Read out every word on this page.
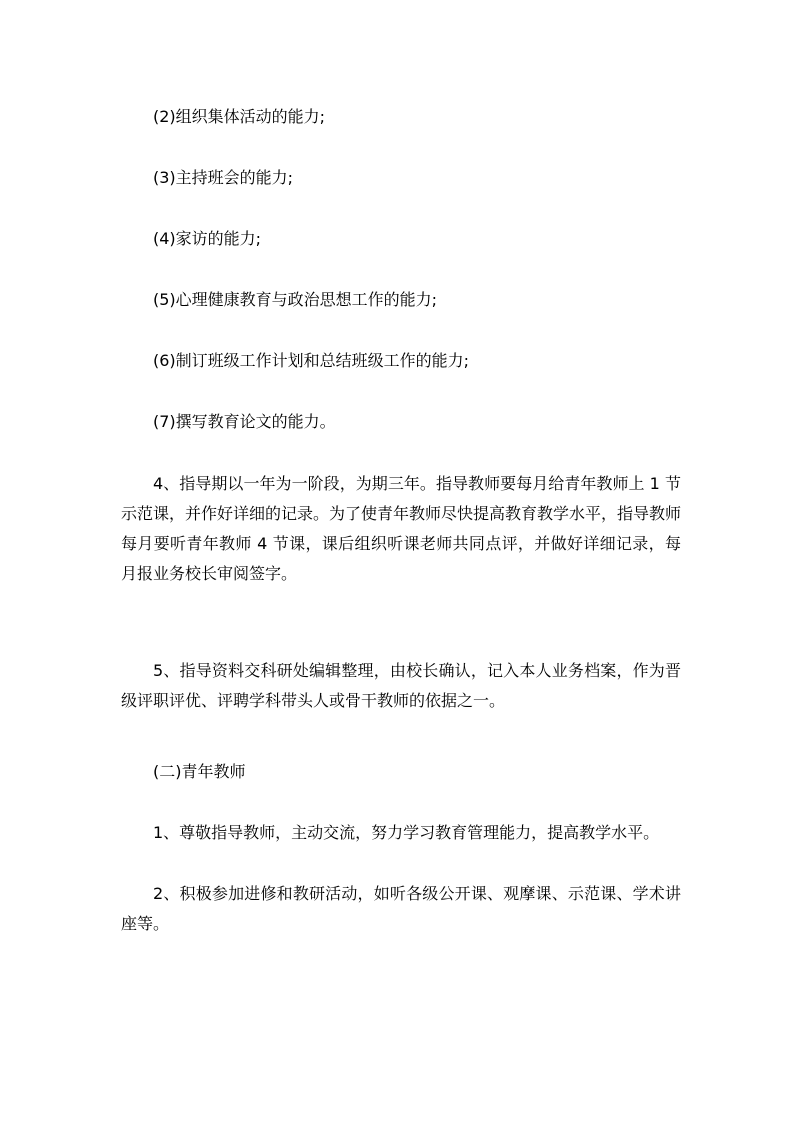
(2)组织集体活动的能力;

(3)主持班会的能力;

(4)家访的能力;

(5)心理健康教育与政治思想工作的能力;

(6)制订班级工作计划和总结班级工作的能力;

(7)撰写教育论文的能力。

4、指导期以一年为一阶段，为期三年。指导教师要每月给青年教师上 1 节示范课，并作好详细的记录。为了使青年教师尽快提高教育教学水平，指导教师每月要听青年教师 4 节课，课后组织听课老师共同点评，并做好详细记录，每月报业务校长审阅签字。

5、指导资料交科研处编辑整理，由校长确认，记入本人业务档案，作为晋级评职评优、评聘学科带头人或骨干教师的依据之一。

(二)青年教师

1、尊敬指导教师，主动交流，努力学习教育管理能力，提高教学水平。

2、积极参加进修和教研活动，如听各级公开课、观摩课、示范课、学术讲座等。
